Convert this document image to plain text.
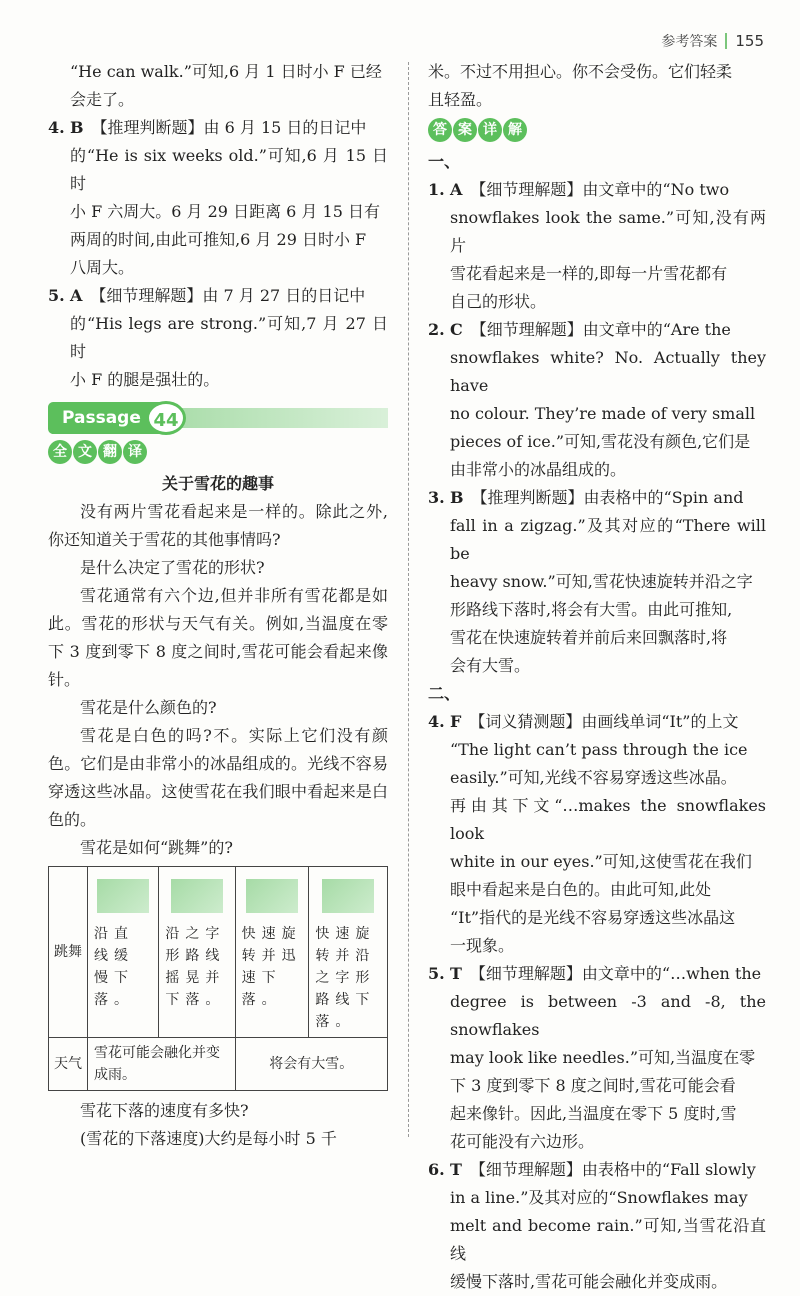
参考答案 155

“He can walk.”可知,6 月 1 日时小 F 已经

会走了。

4. B 【推理判断题】由 6 月 15 日的日记中

的“He is six weeks old.”可知,6 月 15 日时

小 F 六周大。6 月 29 日距离 6 月 15 日有

两周的时间,由此可推知,6 月 29 日时小 F

八周大。

5. A 【细节理解题】由 7 月 27 日的日记中

的“His legs are strong.”可知,7 月 27 日时

小 F 的腿是强壮的。

Passage 44
全 文 翻 译

关于雪花的趣事

没有两片雪花看起来是一样的。除此之外,你还知道关于雪花的其他事情吗?

是什么决定了雪花的形状?

雪花通常有六个边,但并非所有雪花都是如此。雪花的形状与天气有关。例如,当温度在零下 3 度到零下 8 度之间时,雪花可能会看起来像针。

雪花是什么颜色的?

雪花是白色的吗?不。实际上它们没有颜色。它们是由非常小的冰晶组成的。光线不容易穿透这些冰晶。这使雪花在我们眼中看起来是白色的。

雪花是如何“跳舞”的?

跳舞	沿直线缓慢下落。	沿之字形路线摇晃并下落。	快速旋转并迅速下落。	快速旋转并沿之字形路线下落。

天气	雪花可能会融化并变成雨。		将会有大雪。	

雪花下落的速度有多快?

(雪花的下落速度)大约是每小时 5 千

米。不过不用担心。你不会受伤。它们轻柔

且轻盈。

答 案 详 解

一、

1. A 【细节理解题】由文章中的“No two

snowflakes look the same.”可知,没有两片

雪花看起来是一样的,即每一片雪花都有

自己的形状。

2. C 【细节理解题】由文章中的“Are the

snowflakes white? No. Actually they have

no colour. They’re made of very small

pieces of ice.”可知,雪花没有颜色,它们是

由非常小的冰晶组成的。

3. B 【推理判断题】由表格中的“Spin and

fall in a zigzag.”及其对应的“There will be

heavy snow.”可知,雪花快速旋转并沿之字

形路线下落时,将会有大雪。由此可推知,

雪花在快速旋转着并前后来回飘落时,将

会有大雪。

二、

4. F 【词义猜测题】由画线单词“It”的上文

“The light can’t pass through the ice

easily.”可知,光线不容易穿透这些冰晶。

再由其下文“…makes the snowflakes look

white in our eyes.”可知,这使雪花在我们

眼中看起来是白色的。由此可知,此处

“It”指代的是光线不容易穿透这些冰晶这

一现象。

5. T 【细节理解题】由文章中的“…when the

degree is between -3 and -8, the snowflakes

may look like needles.”可知,当温度在零

下 3 度到零下 8 度之间时,雪花可能会看

起来像针。因此,当温度在零下 5 度时,雪

花可能没有六边形。

6. T 【细节理解题】由表格中的“Fall slowly

in a line.”及其对应的“Snowflakes may

melt and become rain.”可知,当雪花沿直线

缓慢下落时,雪花可能会融化并变成雨。
